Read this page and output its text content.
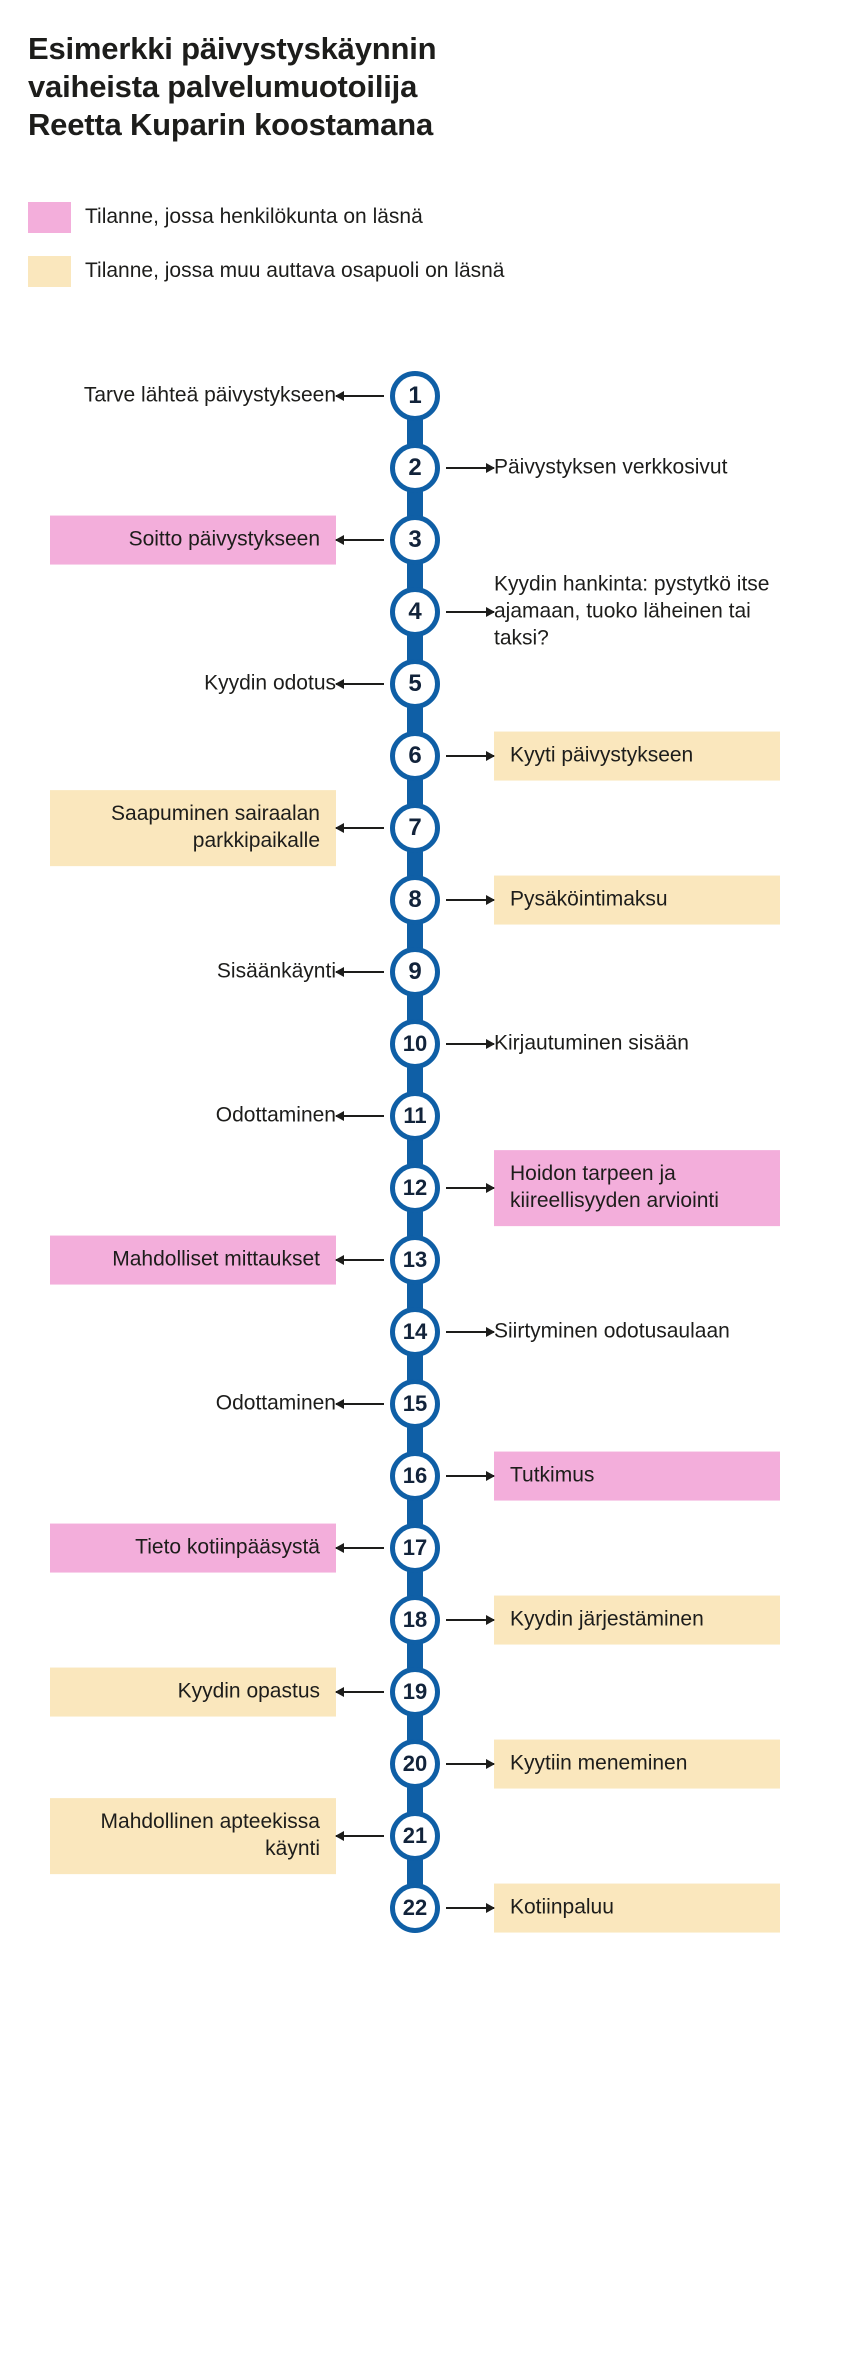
Esimerkki päivystyskäynnin
vaiheista palvelumuotoilija
Reetta Kuparin koostamana
Tilanne, jossa henkilökunta on läsnä
Tilanne, jossa muu auttava osapuoli on läsnä
Tarve lähteä päivystykseen	1
Päivystyksen verkkosivut
2
Soitto päivystykseen	3
Kyydin hankinta: pystytkö itse ajamaan, tuoko läheinen tai taksi?
4
Kyydin odotus	5
Kyyti päivystykseen
6
Saapuminen sairaalan parkkipaikalle	7
Pysäköintimaksu
8
Sisäänkäynti	9
Kirjautuminen sisään
10
Odottaminen	11
Hoidon tarpeen ja kiireellisyyden arviointi
12
Mahdolliset mittaukset	13
Siirtyminen odotusaulaan
14
Odottaminen	15
Tutkimus
16
Tieto kotiinpääsystä	17
Kyydin järjestäminen
18
Kyydin opastus	19
Kyytiin meneminen
20
Mahdollinen apteekissa käynti
21
Kotiinpaluu
22
